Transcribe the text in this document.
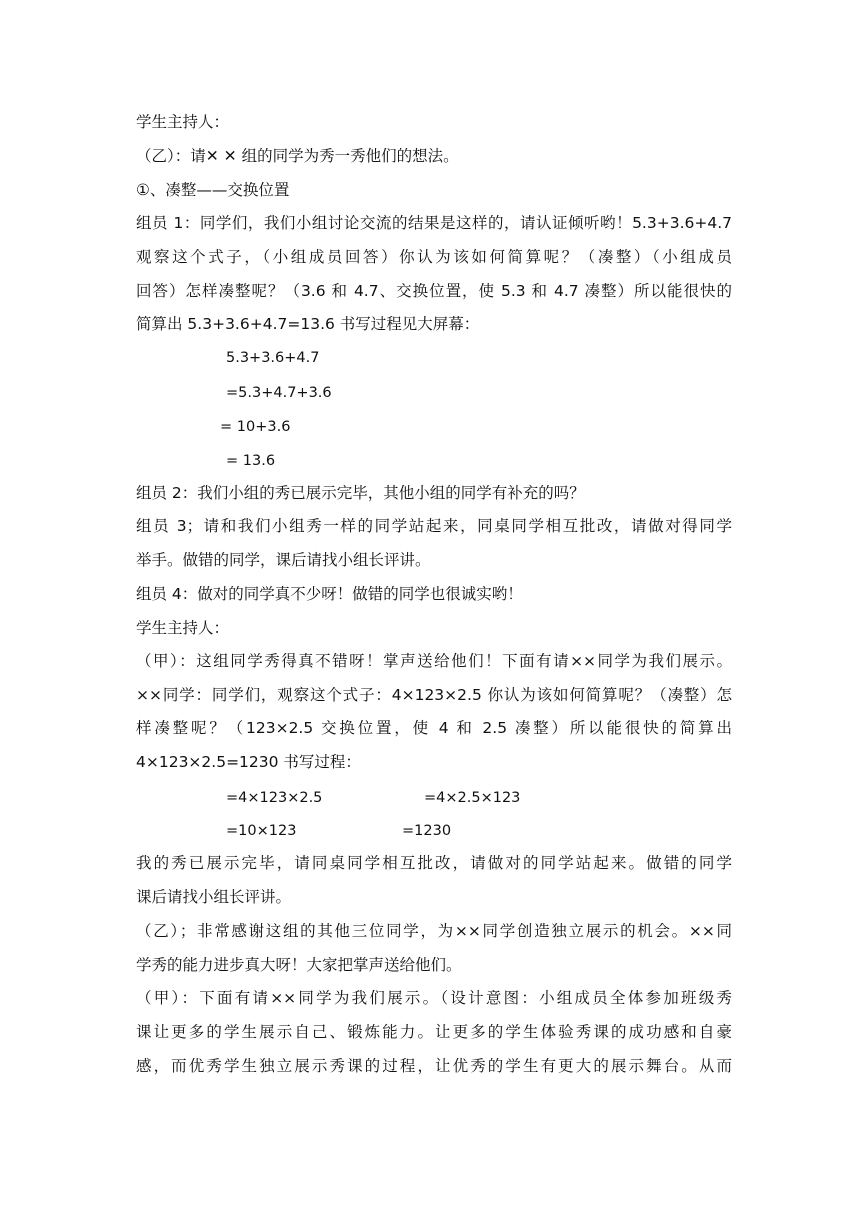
学生主持人：
（乙）：请✕ ✕ 组的同学为秀一秀他们的想法。
①、凑整——交换位置
组员 1：同学们，我们小组讨论交流的结果是这样的，请认证倾听哟！5.3+3.6+4.7
观察这个式子，（小组成员回答）你认为该如何简算呢？（凑整）（小组成员
回答）怎样凑整呢？（3.6 和 4.7、交换位置，使 5.3 和 4.7 凑整）所以能很快的
简算出 5.3+3.6+4.7=13.6 书写过程见大屏幕：
5.3+3.6+4.7
=5.3+4.7+3.6
= 10+3.6
= 13.6
组员 2：我们小组的秀已展示完毕，其他小组的同学有补充的吗？
组员 3；请和我们小组秀一样的同学站起来，同桌同学相互批改，请做对得同学
举手。做错的同学，课后请找小组长评讲。
组员 4：做对的同学真不少呀！做错的同学也很诚实哟！
学生主持人：
（甲）：这组同学秀得真不错呀！掌声送给他们！下面有请××同学为我们展示。
××同学：同学们，观察这个式子：4×123×2.5 你认为该如何简算呢？（凑整）怎
样凑整呢？（123×2.5 交换位置，使 4 和 2.5 凑整）所以能很快的简算出
4×123×2.5=1230 书写过程：
=4×123×2.5	=4×2.5×123
=10×123	=1230
我的秀已展示完毕，请同桌同学相互批改，请做对的同学站起来。做错的同学
课后请找小组长评讲。
（乙）；非常感谢这组的其他三位同学，为××同学创造独立展示的机会。××同
学秀的能力进步真大呀！大家把掌声送给他们。
（甲）：下面有请××同学为我们展示。（设计意图：小组成员全体参加班级秀
课让更多的学生展示自己、锻炼能力。让更多的学生体验秀课的成功感和自豪
感，而优秀学生独立展示秀课的过程，让优秀的学生有更大的展示舞台。从而
